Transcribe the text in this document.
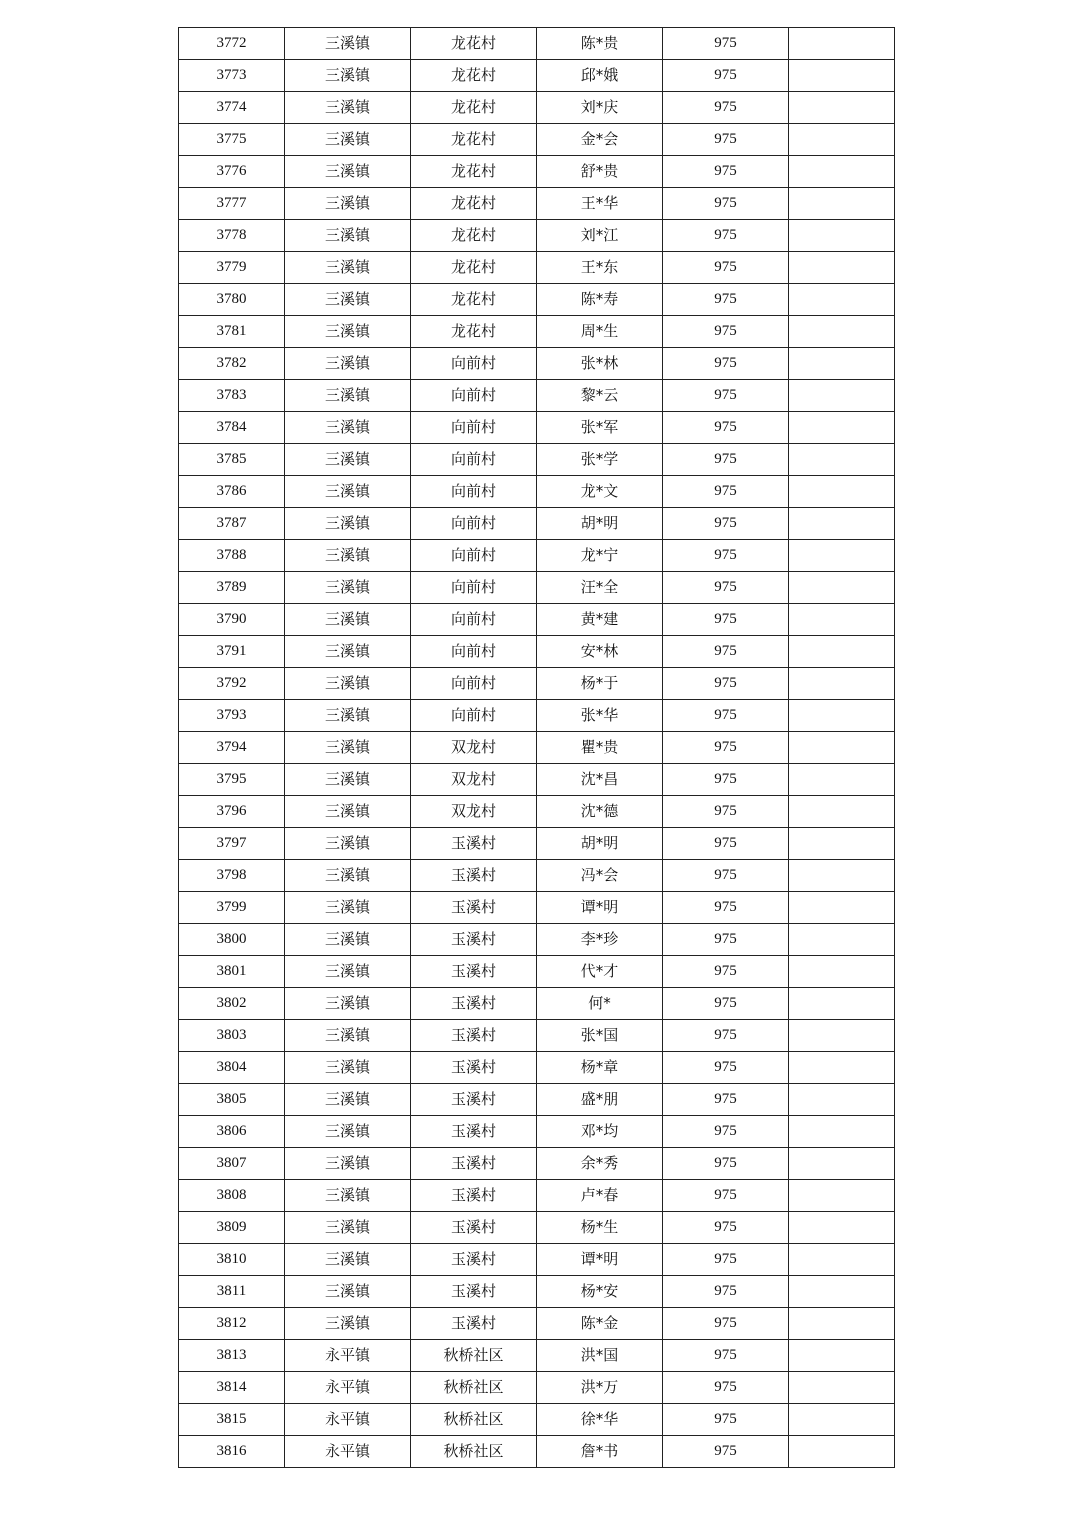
3772	三溪镇	龙花村	陈*贵	975	
3773	三溪镇	龙花村	邱*娥	975	
3774	三溪镇	龙花村	刘*庆	975	
3775	三溪镇	龙花村	金*会	975	
3776	三溪镇	龙花村	舒*贵	975	
3777	三溪镇	龙花村	王*华	975	
3778	三溪镇	龙花村	刘*江	975	
3779	三溪镇	龙花村	王*东	975	
3780	三溪镇	龙花村	陈*寿	975	
3781	三溪镇	龙花村	周*生	975	
3782	三溪镇	向前村	张*林	975	
3783	三溪镇	向前村	黎*云	975	
3784	三溪镇	向前村	张*军	975	
3785	三溪镇	向前村	张*学	975	
3786	三溪镇	向前村	龙*文	975	
3787	三溪镇	向前村	胡*明	975	
3788	三溪镇	向前村	龙*宁	975	
3789	三溪镇	向前村	汪*全	975	
3790	三溪镇	向前村	黄*建	975	
3791	三溪镇	向前村	安*林	975	
3792	三溪镇	向前村	杨*于	975	
3793	三溪镇	向前村	张*华	975	
3794	三溪镇	双龙村	瞿*贵	975	
3795	三溪镇	双龙村	沈*昌	975	
3796	三溪镇	双龙村	沈*德	975	
3797	三溪镇	玉溪村	胡*明	975	
3798	三溪镇	玉溪村	冯*会	975	
3799	三溪镇	玉溪村	谭*明	975	
3800	三溪镇	玉溪村	李*珍	975	
3801	三溪镇	玉溪村	代*才	975	
3802	三溪镇	玉溪村	何*	975	
3803	三溪镇	玉溪村	张*国	975	
3804	三溪镇	玉溪村	杨*章	975	
3805	三溪镇	玉溪村	盛*朋	975	
3806	三溪镇	玉溪村	邓*均	975	
3807	三溪镇	玉溪村	余*秀	975	
3808	三溪镇	玉溪村	卢*春	975	
3809	三溪镇	玉溪村	杨*生	975	
3810	三溪镇	玉溪村	谭*明	975	
3811	三溪镇	玉溪村	杨*安	975	
3812	三溪镇	玉溪村	陈*金	975	
3813	永平镇	秋桥社区	洪*国	975	
3814	永平镇	秋桥社区	洪*万	975	
3815	永平镇	秋桥社区	徐*华	975	
3816	永平镇	秋桥社区	詹*书	975	
